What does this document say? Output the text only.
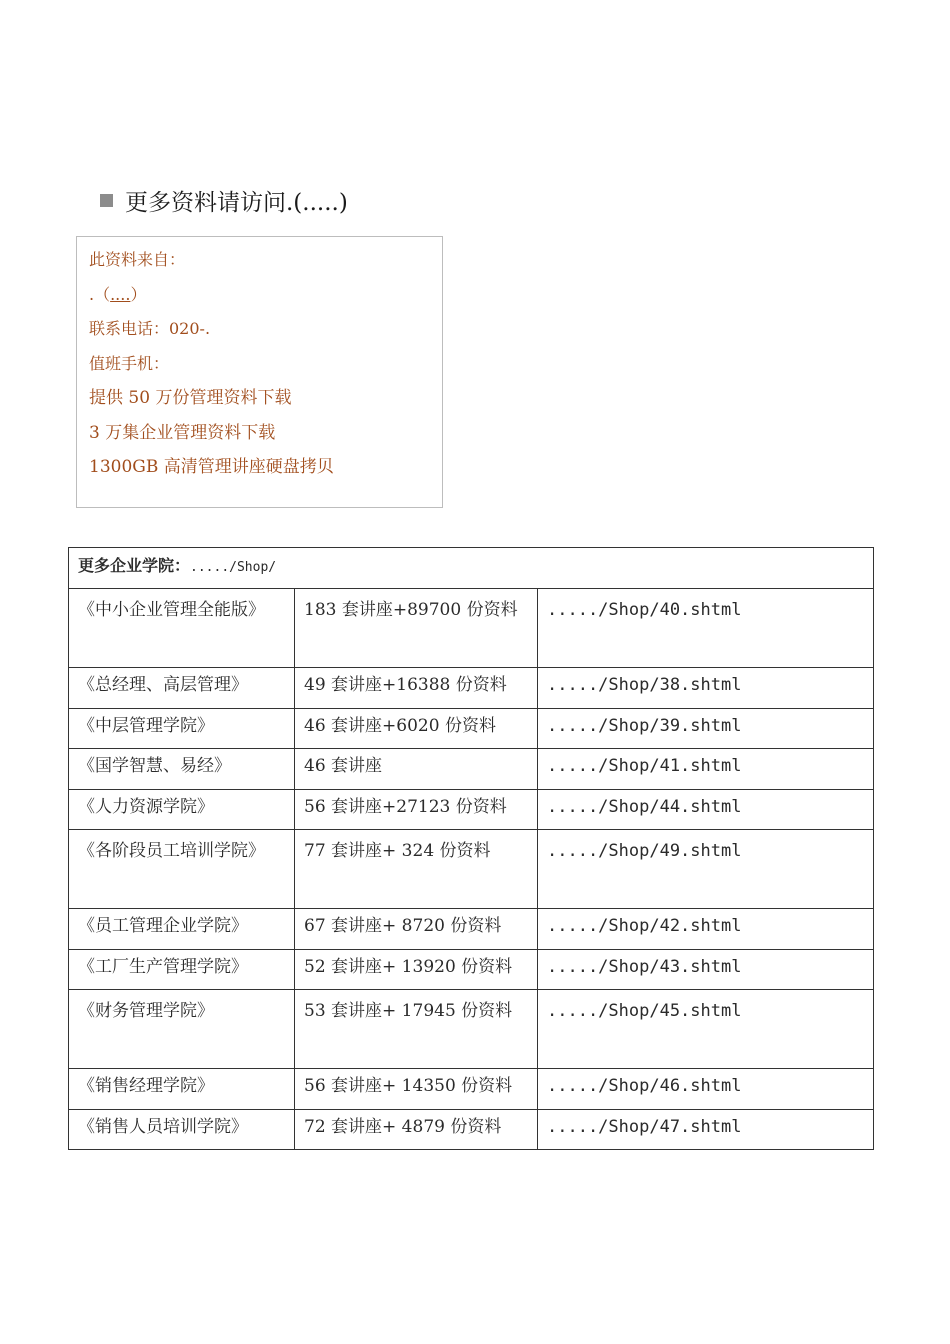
更多资料请访问.(.....)
此资料来自：
.（....）
联系电话：020-.
值班手机：
提供 50 万份管理资料下载
3 万集企业管理资料下载
1300GB 高清管理讲座硬盘拷贝
更多企业学院：...../Shop/		
《中小企业管理全能版》	183 套讲座+89700 份资料	...../Shop/40.shtml
《总经理、高层管理》	49 套讲座+16388 份资料	...../Shop/38.shtml
《中层管理学院》	46 套讲座+6020 份资料	...../Shop/39.shtml
《国学智慧、易经》	46 套讲座	...../Shop/41.shtml
《人力资源学院》	56 套讲座+27123 份资料	...../Shop/44.shtml
《各阶段员工培训学院》	77 套讲座+ 324 份资料	...../Shop/49.shtml
《员工管理企业学院》	67 套讲座+ 8720 份资料	...../Shop/42.shtml
《工厂生产管理学院》	52 套讲座+ 13920 份资料	...../Shop/43.shtml
《财务管理学院》	53 套讲座+ 17945 份资料	...../Shop/45.shtml
《销售经理学院》	56 套讲座+ 14350 份资料	...../Shop/46.shtml
《销售人员培训学院》	72 套讲座+ 4879 份资料	...../Shop/47.shtml
